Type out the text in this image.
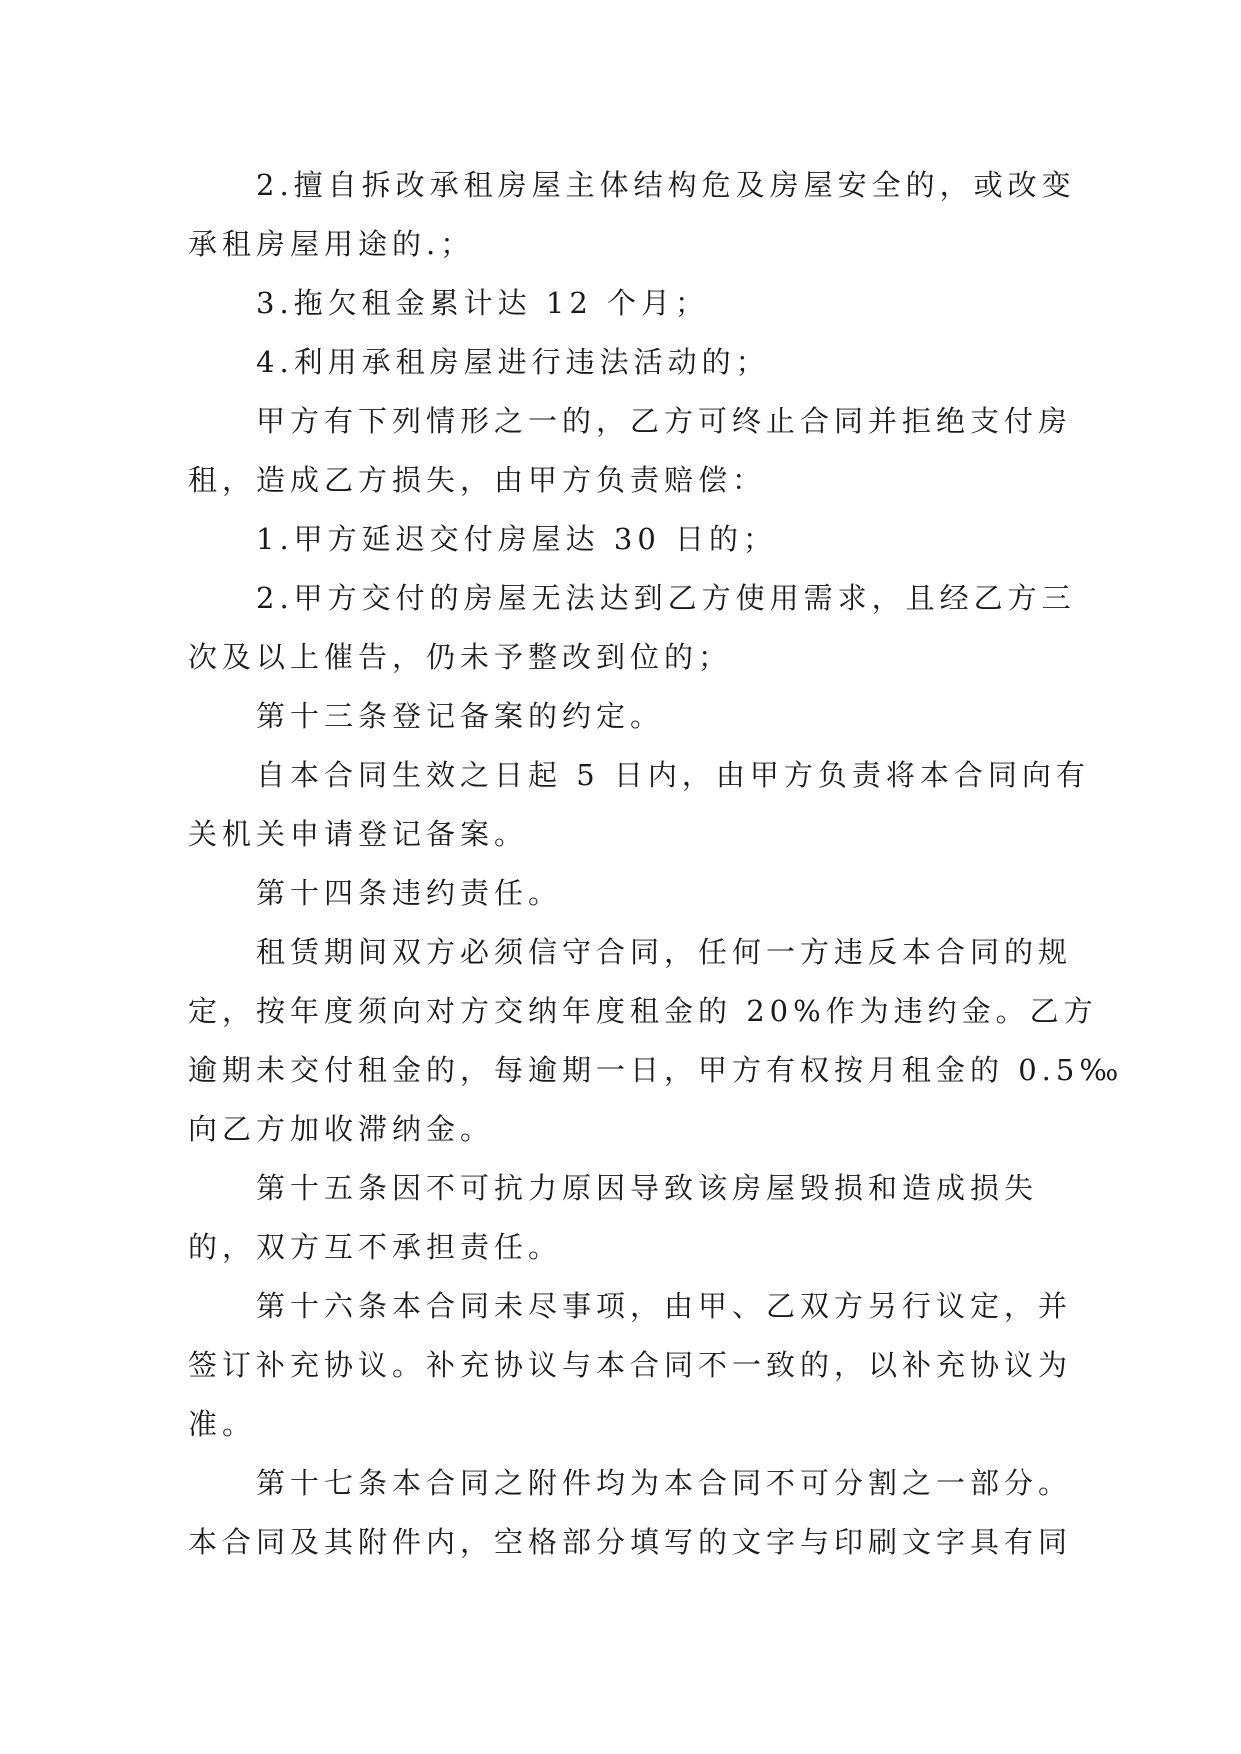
2.擅自拆改承租房屋主体结构危及房屋安全的，或改变
承租房屋用途的.；
3.拖欠租金累计达 12 个月；
4.利用承租房屋进行违法活动的；
甲方有下列情形之一的，乙方可终止合同并拒绝支付房
租，造成乙方损失，由甲方负责赔偿：
1.甲方延迟交付房屋达 30 日的；
2.甲方交付的房屋无法达到乙方使用需求，且经乙方三
次及以上催告，仍未予整改到位的；
第十三条登记备案的约定。
自本合同生效之日起 5 日内，由甲方负责将本合同向有
关机关申请登记备案。
第十四条违约责任。
租赁期间双方必须信守合同，任何一方违反本合同的规
定，按年度须向对方交纳年度租金的 20%作为违约金。乙方
逾期未交付租金的，每逾期一日，甲方有权按月租金的 0.5‰
向乙方加收滞纳金。
第十五条因不可抗力原因导致该房屋毁损和造成损失
的，双方互不承担责任。
第十六条本合同未尽事项，由甲、乙双方另行议定，并
签订补充协议。补充协议与本合同不一致的，以补充协议为
准。
第十七条本合同之附件均为本合同不可分割之一部分。
本合同及其附件内，空格部分填写的文字与印刷文字具有同
